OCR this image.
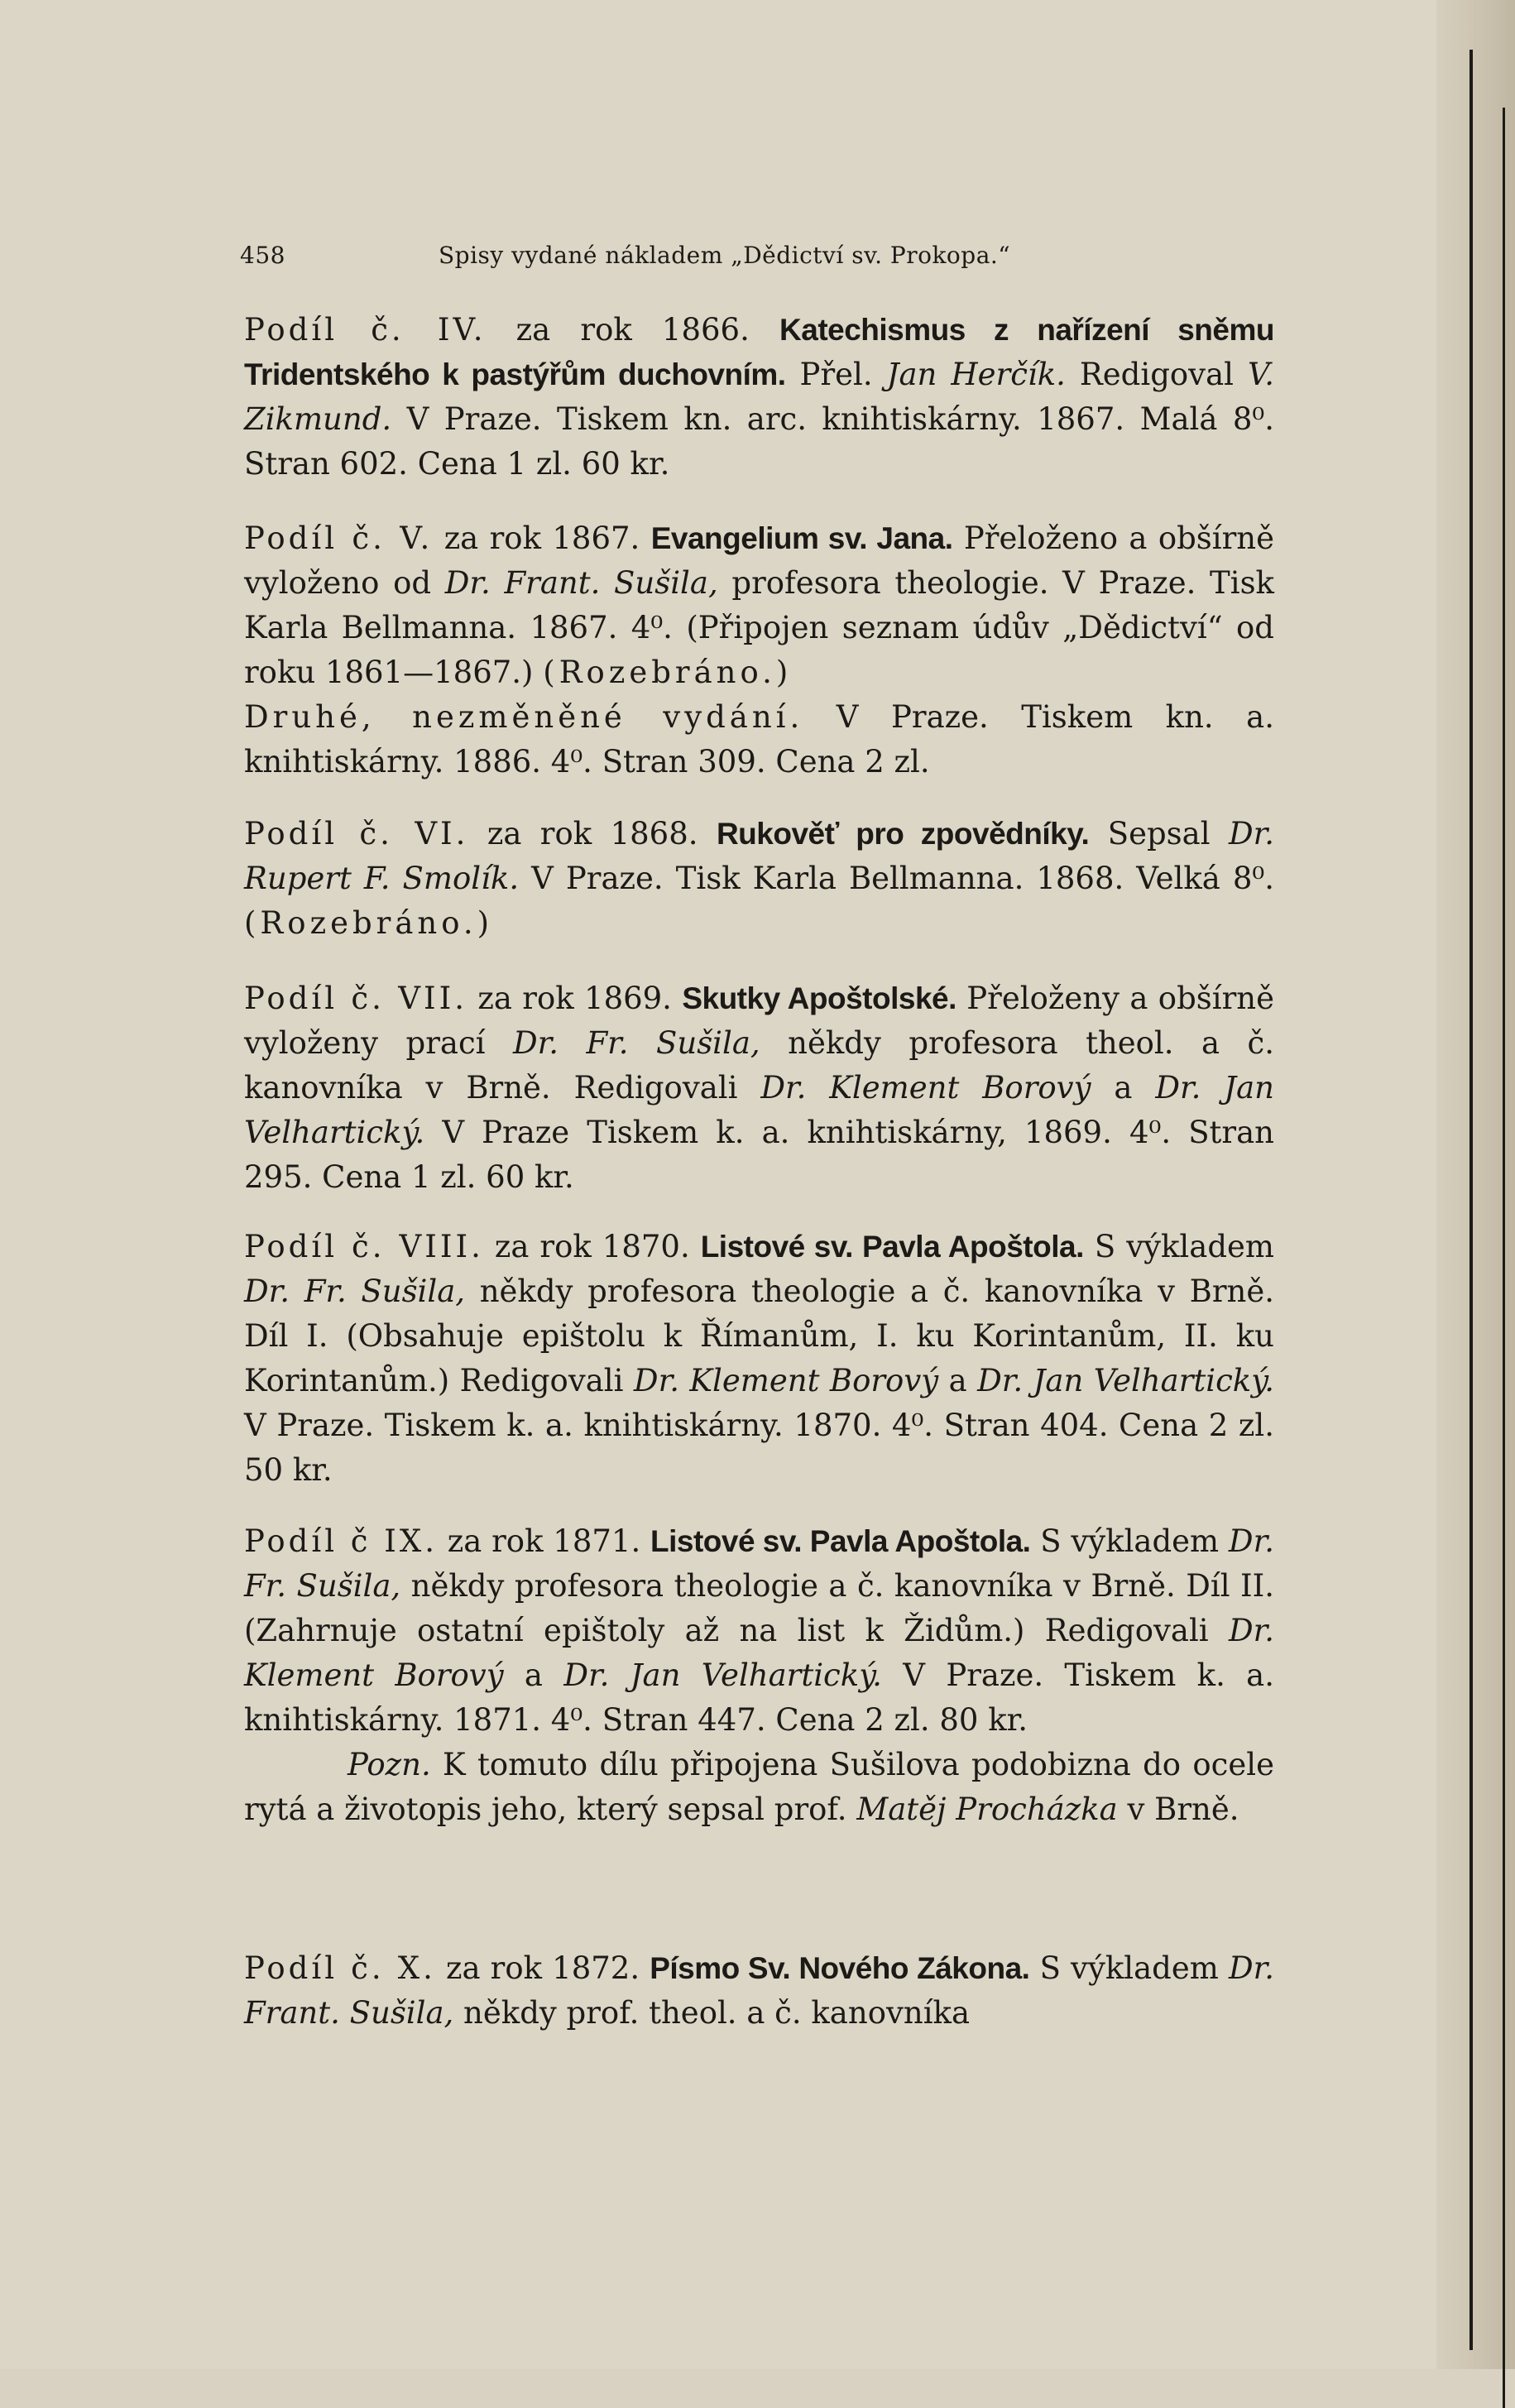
458	Spisy vydané nákladem „Dědictví sv. Prokopa.“
Podíl č. IV. za rok 1866. Katechismus z nařízení sněmu Tridentského k pastýřům duchovním. Přel. Jan Herčík. Redigoval V. Zikmund. V Praze. Tiskem kn. arc. knihtiskárny. 1867. Malá 8⁰. Stran 602. Cena 1 zl. 60 kr.
Podíl č. V. za rok 1867. Evangelium sv. Jana. Přeloženo a obšírně vyloženo od Dr. Frant. Sušila, profesora theologie. V Praze. Tisk Karla Bellmanna. 1867. 4⁰. (Připojen seznam údův „Dědictví“ od roku 1861—1867.) (Rozebráno.)
Druhé, nezměněné vydání. V Praze. Tiskem kn. a. knihtiskárny. 1886. 4⁰. Stran 309. Cena 2 zl.
Podíl č. VI. za rok 1868. Rukověť pro zpovědníky. Sepsal Dr. Rupert F. Smolík. V Praze. Tisk Karla Bellmanna. 1868. Velká 8⁰. (Rozebráno.)
Podíl č. VII. za rok 1869. Skutky Apoštolské. Přeloženy a obšírně vyloženy prací Dr. Fr. Sušila, někdy profesora theol. a č. kanovníka v Brně. Redigovali Dr. Klement Borový a Dr. Jan Velhartický. V Praze Tiskem k. a. knihtiskárny, 1869. 4⁰. Stran 295. Cena 1 zl. 60 kr.
Podíl č. VIII. za rok 1870. Listové sv. Pavla Apoštola. S výkladem Dr. Fr. Sušila, někdy profesora theologie a č. kanovníka v Brně. Díl I. (Obsahuje epištolu k Římanům, I. ku Korintanům, II. ku Korintanům.) Redigovali Dr. Klement Borový a Dr. Jan Velhartický. V Praze. Tiskem k. a. knihtiskárny. 1870. 4⁰. Stran 404. Cena 2 zl. 50 kr.
Podíl č IX. za rok 1871. Listové sv. Pavla Apoštola. S výkladem Dr. Fr. Sušila, někdy profesora theologie a č. kanovníka v Brně. Díl II. (Zahrnuje ostatní epištoly až na list k Židům.) Redigovali Dr. Klement Borový a Dr. Jan Velhartický. V Praze. Tiskem k. a. knihtiskárny. 1871. 4⁰. Stran 447. Cena 2 zl. 80 kr.
Pozn. K tomuto dílu připojena Sušilova podobizna do ocele rytá a životopis jeho, který sepsal prof. Matěj Procházka v Brně.
Podíl č. X. za rok 1872. Písmo Sv. Nového Zákona. S výkladem Dr. Frant. Sušila, někdy prof. theol. a č. kanovníka
